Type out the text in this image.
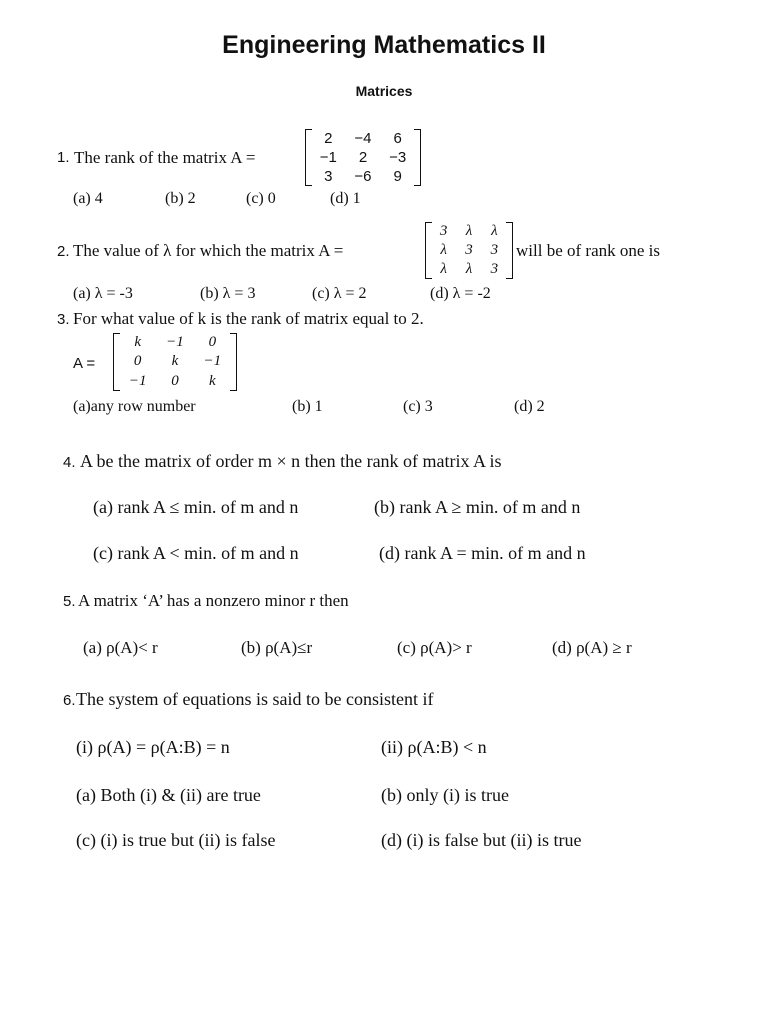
Engineering Mathematics II
Matrices
1. The rank of the matrix A =
2	−4	6
−1	2	−3
3	−6	9
(a) 4	(b) 2	(c) 0	(d) 1
2. The value of λ for which the matrix A =
3	λ	λ
λ	3	3
λ	λ	3
will be of rank one is
(a) λ = -3	(b) λ = 3	(c) λ = 2	(d) λ = -2
3. For what value of k is the rank of matrix equal to 2.
A =
k	−1	0
0	k	−1
−1	0	k
(a)any row number	(b) 1	(c) 3	(d) 2
4. A be the matrix of order m × n then the rank of matrix A is
(a) rank A ≤ min. of m and n	(b) rank A ≥ min. of m and n
(c) rank A < min. of m and n	(d) rank A = min. of m and n
5. A matrix ‘A’ has a nonzero minor r then
(a) ρ(A)< r	(b) ρ(A)≤r	(c) ρ(A)> r	(d) ρ(A) ≥ r
6. The system of equations is said to be consistent if
(i) ρ(A) = ρ(A:B) = n	(ii) ρ(A:B) < n
(a) Both (i) & (ii) are true	(b) only (i) is true
(c) (i) is true but (ii) is false	(d) (i) is false but (ii) is true
